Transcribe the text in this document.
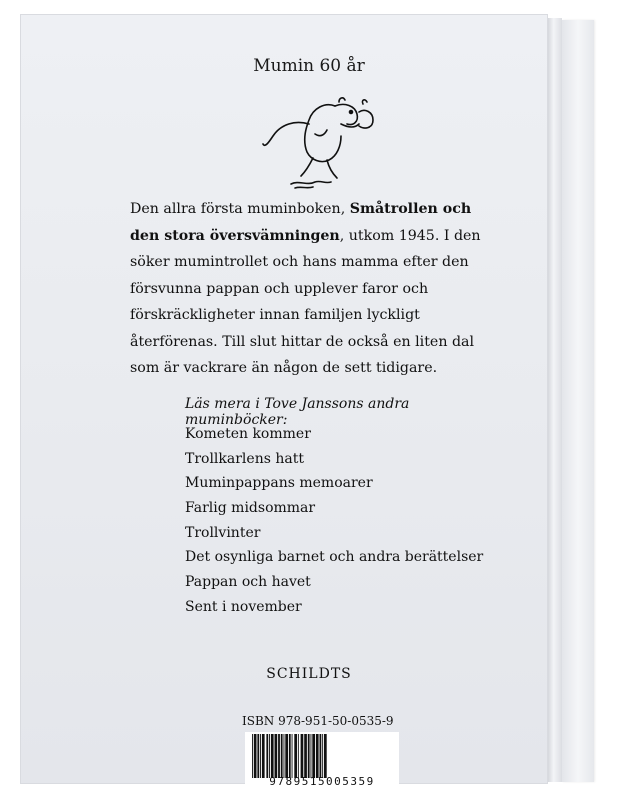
Mumin 60 år
Den allra första muminboken, Småtrollen och den stora översvämningen, utkom 1945. I den söker mumintrollet och hans mamma efter den försvunna pappan och upplever faror och förskräckligheter innan familjen lyckligt återförenas. Till slut hittar de också en liten dal som är vackrare än någon de sett tidigare.
Läs mera i Tove Janssons andra muminböcker:
Kometen kommer
Trollkarlens hatt
Muminpappans memoarer
Farlig midsommar
Trollvinter
Det osynliga barnet och andra berättelser
Pappan och havet
Sent i november
SCHILDTS
ISBN 978-951-50-0535-9
9789515005359
